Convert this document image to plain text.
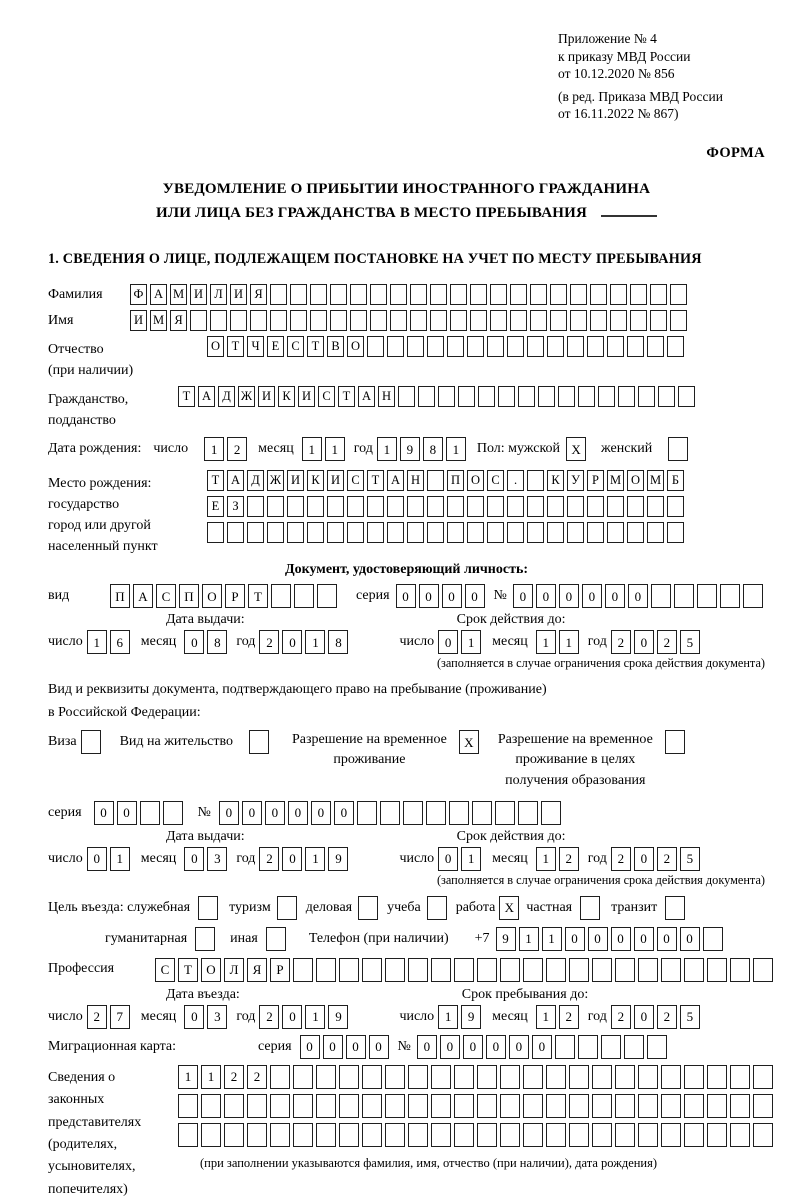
Приложение № 4
к приказу МВД России
от 10.12.2020 № 856
(в ред. Приказа МВД России
от 16.11.2022 № 867)
ФОРМА
УВЕДОМЛЕНИЕ О ПРИБЫТИИ ИНОСТРАННОГО ГРАЖДАНИНА
ИЛИ ЛИЦА БЕЗ ГРАЖДАНСТВА В МЕСТО ПРЕБЫВАНИЯ
1. СВЕДЕНИЯ О ЛИЦЕ, ПОДЛЕЖАЩЕМ ПОСТАНОВКЕ НА УЧЕТ ПО МЕСТУ ПРЕБЫВАНИЯ
Фамилия	Ф А М И Л И Я
Имя	И М Я
Отчество
(при наличии)
О Т Ч Е С Т В О
Гражданство,
подданство
Т А Д Ж И К И С Т А Н
Дата рождения: число	1	2	месяц	1	1	год 1	9	8	1	Пол: мужской X	женский
Место рождения:
государство
город или другой
населенный пункт
Т А Д Ж И К И С Т А Н	П О С	.	К У Р М О М Б
Е	З
Документ, удостоверяющий личность:
вид	П	А	С	П	О	Р	Т	серия 0	0	0	0	№ 0	0	0	0	0	0
Дата выдачи:	Срок действия до:
число 1	6	месяц	0	8	год 2	0	1	8	число 0	1	месяц	1	1	год 2	0	2	5
(заполняется в случае ограничения срока действия документа)
Вид и реквизиты документа, подтверждающего право на пребывание (проживание)
в Российской Федерации:
Виза	Вид на жительство	Разрешение на временное
проживание
X	Разрешение на временное
проживание в целях
получения образования
серия	0	0	№	0	0	0	0	0	0
Дата выдачи:	Срок действия до:
число 0	1	месяц	0	3	год 2	0	1	9	число 0	1	месяц	1	2	год 2	0	2	5
(заполняется в случае ограничения срока действия документа)
Цель въезда: служебная	туризм	деловая	учеба	работа X частная	транзит
гуманитарная	иная	Телефон (при наличии) +7 9	1	1	0	0	0	0	0	0
Профессия	С	Т	О	Л	Я	Р
Дата въезда:	Срок пребывания до:
число 2	7	месяц	0	3	год 2	0	1	9	число 1	9	месяц	1	2	год 2	0	2	5
Миграционная карта:	серия	0	0	0	0	№ 0	0	0	0	0	0
Сведения о
законных
представителях
(родителях,
усыновителях,
попечителях)
1	1	2	2
(при заполнении указываются фамилия, имя, отчество (при наличии), дата рождения)
